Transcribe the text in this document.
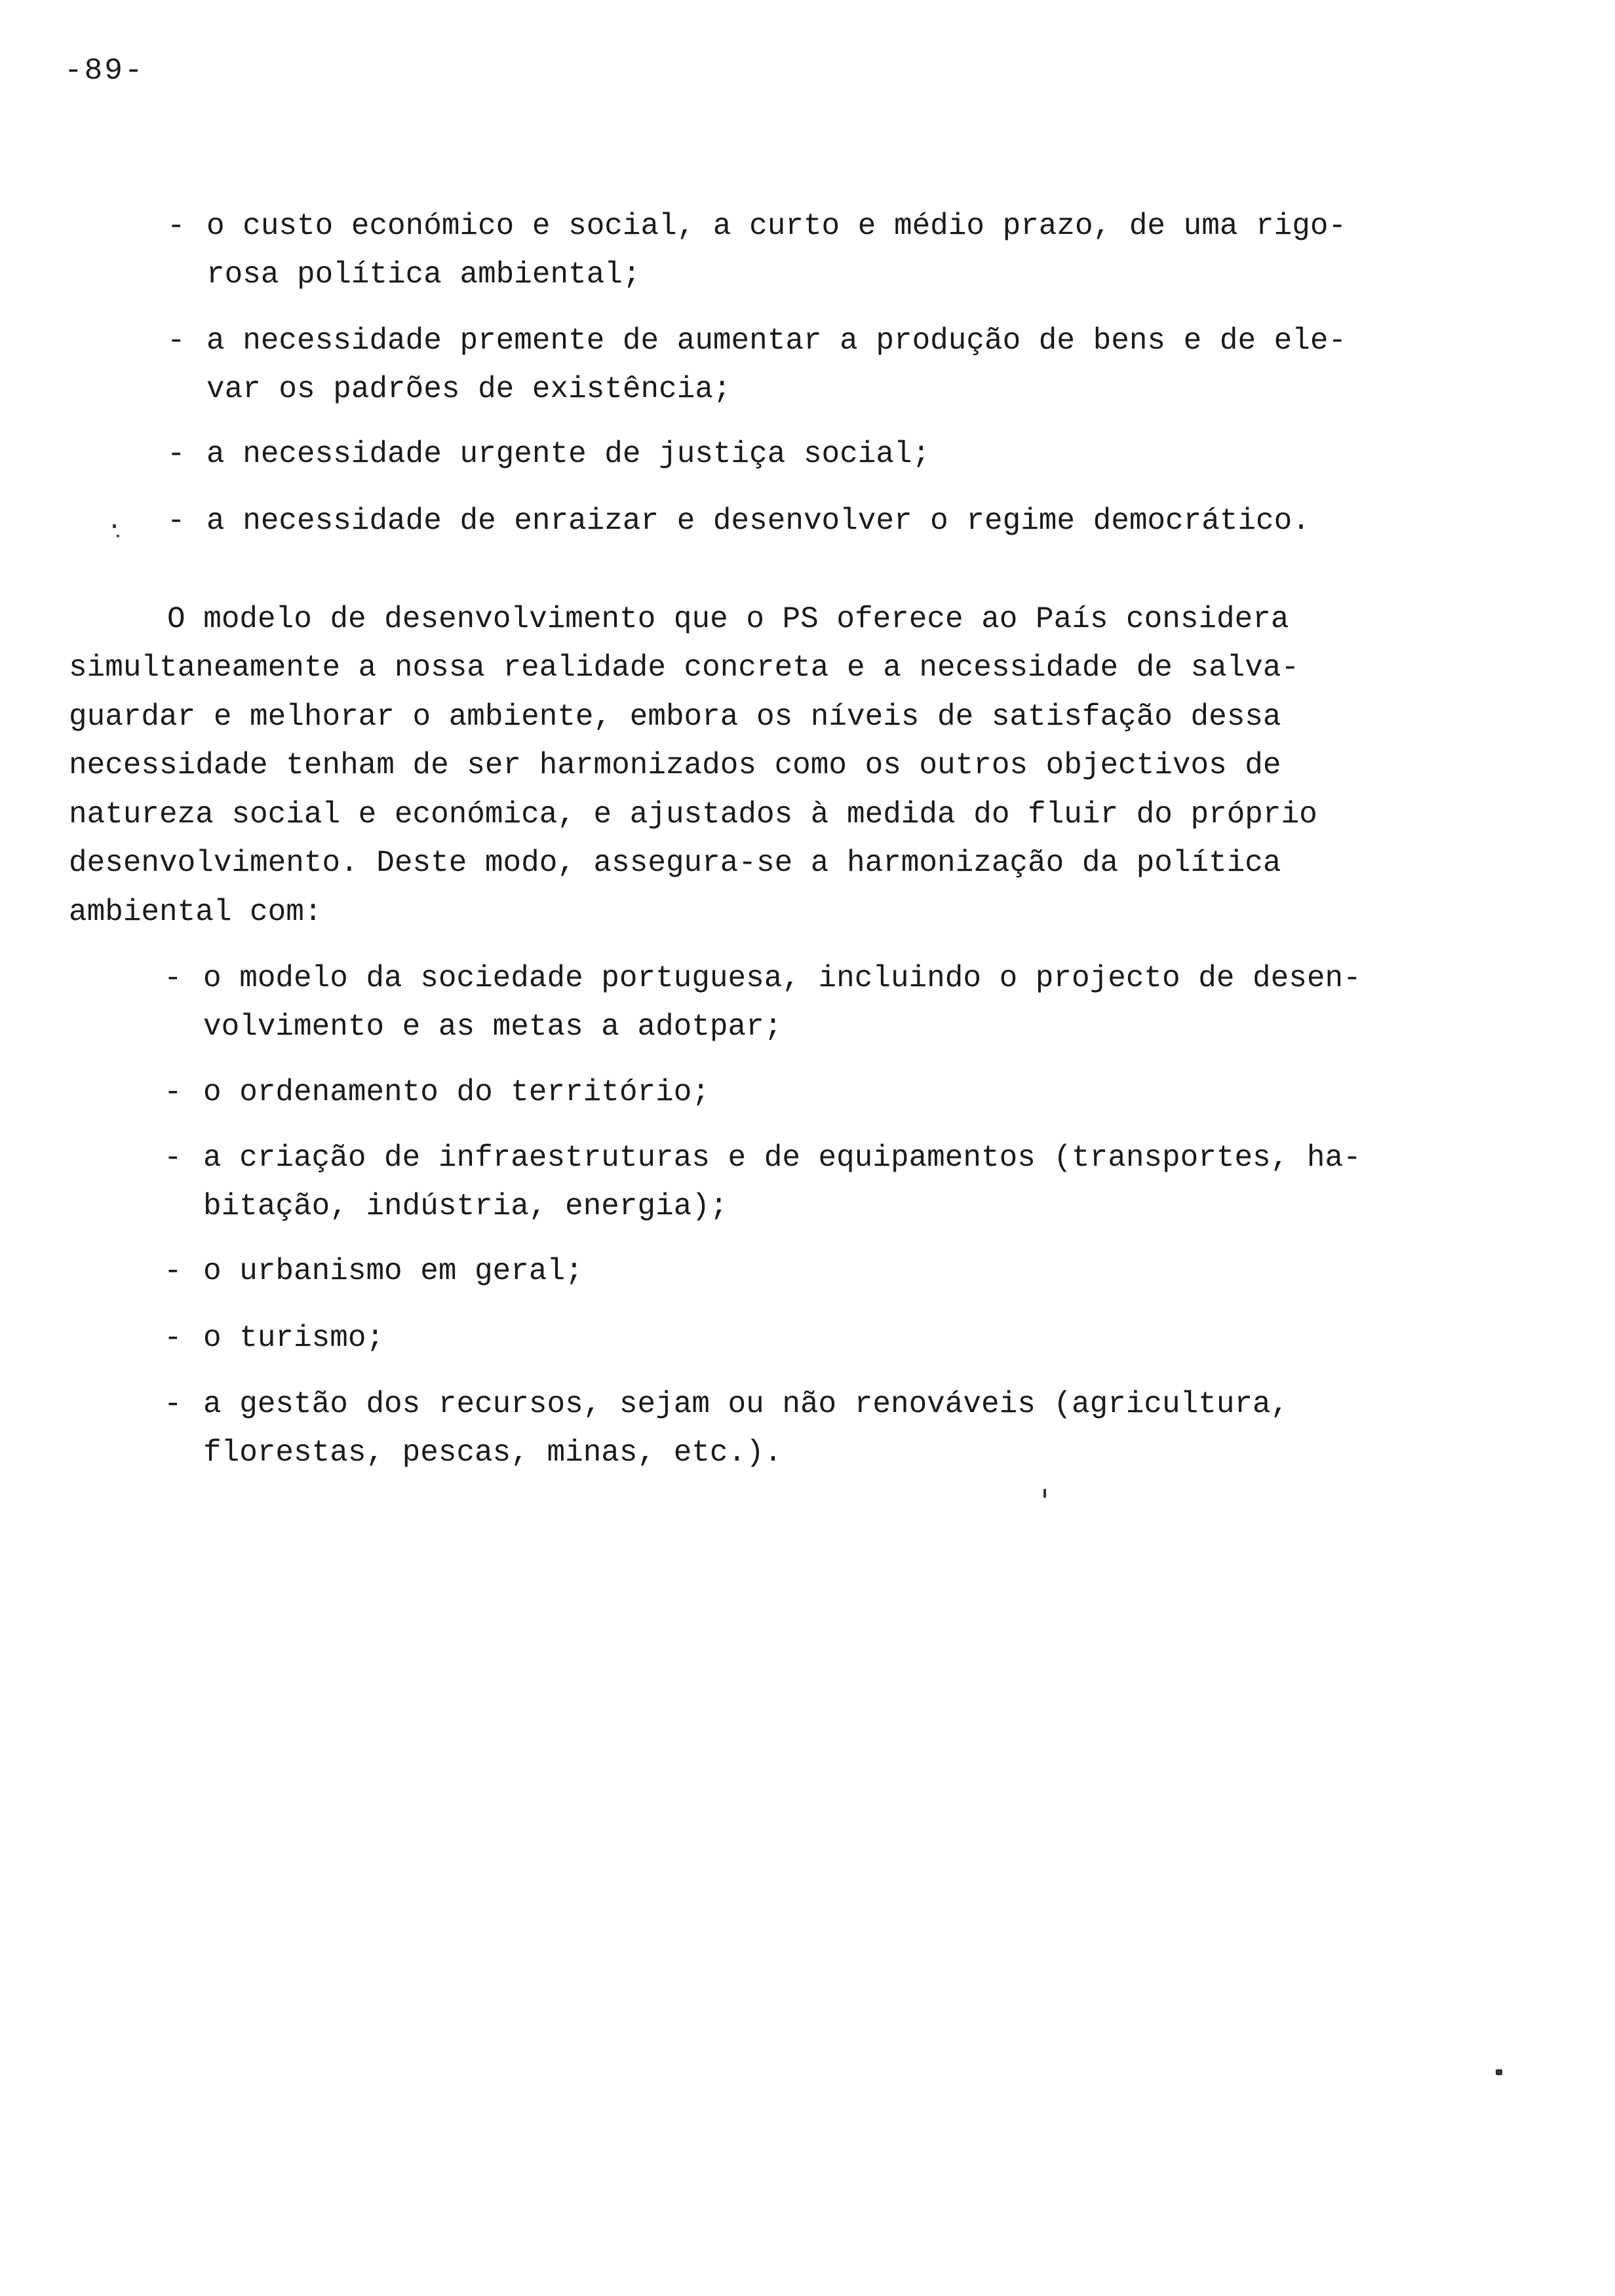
-89-

-

o custo económico e social, a curto e médio prazo, de uma rigo-

rosa política ambiental;

-

a necessidade premente de aumentar a produção de bens e de ele-

var os padrões de existência;

-

a necessidade urgente de justiça social;

-

a necessidade de enraizar e desenvolver o regime democrático.

O modelo de desenvolvimento que o PS oferece ao País considera
simultaneamente a nossa realidade concreta e a necessidade de salva-
guardar e melhorar o ambiente, embora os níveis de satisfação dessa
necessidade tenham de ser harmonizados como os outros objectivos de
natureza social e económica, e ajustados à medida do fluir do próprio
desenvolvimento. Deste modo, assegura-se a harmonização da política
ambiental com:

-

o modelo da sociedade portuguesa, incluindo o projecto de desen-

volvimento e as metas a adotpar;

-

o ordenamento do território;

-

a criação de infraestruturas e de equipamentos (transportes, ha-

bitação, indústria, energia);

-

o urbanismo em geral;

-

o turismo;

-

a gestão dos recursos, sejam ou não renováveis (agricultura,

florestas, pescas, minas, etc.).
